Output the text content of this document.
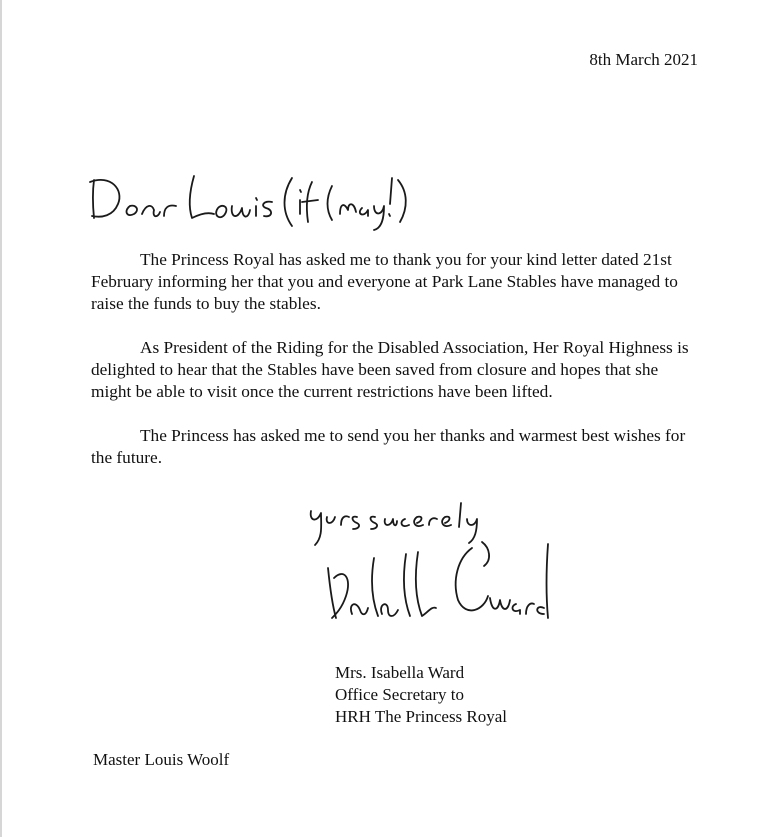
8th March 2021

The Princess Royal has asked me to thank you for your kind letter dated 21st February informing her that you and everyone at Park Lane Stables have managed to raise the funds to buy the stables.

As President of the Riding for the Disabled Association, Her Royal Highness is delighted to hear that the Stables have been saved from closure and hopes that she might be able to visit once the current restrictions have been lifted.

The Princess has asked me to send you her thanks and warmest best wishes for the future.

Mrs. Isabella Ward
Office Secretary to
HRH The Princess Royal
Master Louis Woolf
